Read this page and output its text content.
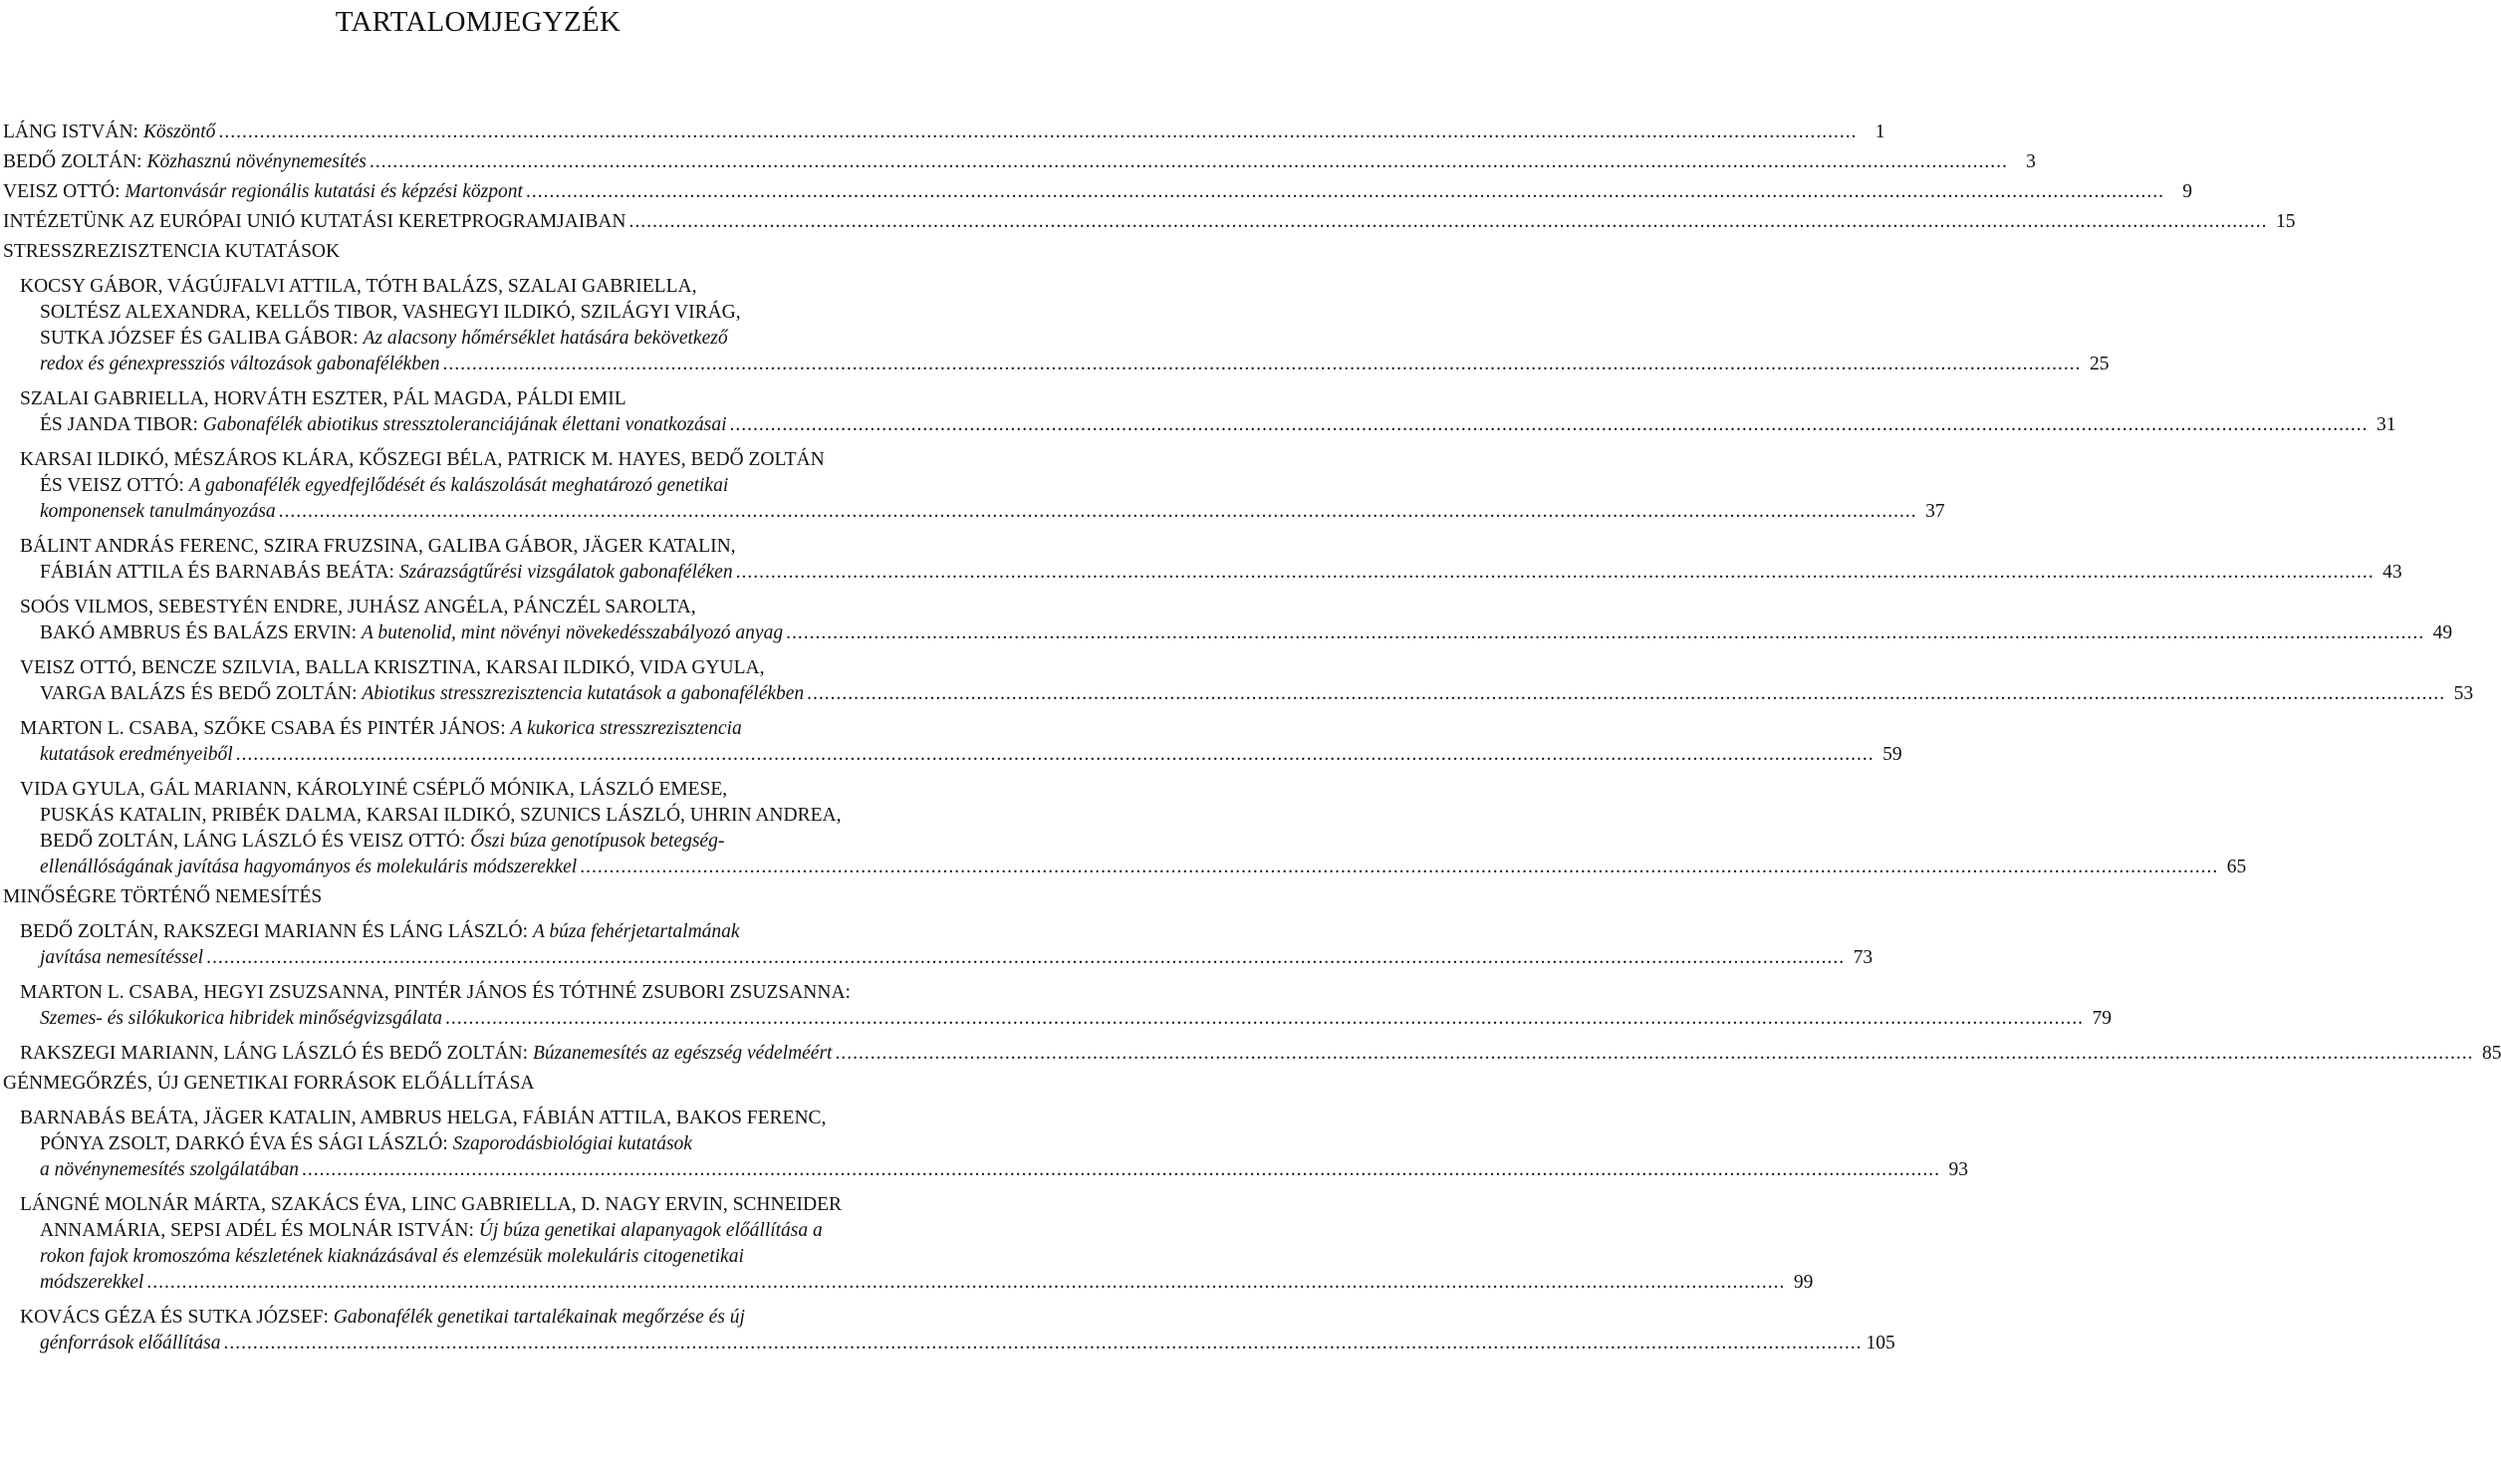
TARTALOMJEGYZÉK
LÁNG ISTVÁN: Köszöntő .....	1
BEDŐ ZOLTÁN: Közhasznú növénynemesítés .....	3
VEISZ OTTÓ: Martonvásár regionális kutatási és képzési központ .....	9
INTÉZETÜNK AZ EURÓPAI UNIÓ KUTATÁSI KERETPROGRAMJAIBAN .....	15
STRESSZREZISZTENCIA KUTATÁSOK
KOCSY GÁBOR, VÁGÚJFALVI ATTILA, TÓTH BALÁZS, SZALAI GABRIELLA,
SOLTÉSZ ALEXANDRA, KELLŐS TIBOR, VASHEGYI ILDIKÓ, SZILÁGYI VIRÁG,
SUTKA JÓZSEF ÉS GALIBA GÁBOR: Az alacsony hőmérséklet hatására bekövetkező
redox és génexpressziós változások gabonafélékben .....	25
SZALAI GABRIELLA, HORVÁTH ESZTER, PÁL MAGDA, PÁLDI EMIL
ÉS JANDA TIBOR: Gabonafélék abiotikus stressztoleranciájának élettani vonatkozásai .....	31
KARSAI ILDIKÓ, MÉSZÁROS KLÁRA, KŐSZEGI BÉLA, PATRICK M. HAYES, BEDŐ ZOLTÁN
ÉS VEISZ OTTÓ: A gabonafélék egyedfejlődését és kalászolását meghatározó genetikai
komponensek tanulmányozása .....	37
BÁLINT ANDRÁS FERENC, SZIRA FRUZSINA, GALIBA GÁBOR, JÄGER KATALIN,
FÁBIÁN ATTILA ÉS BARNABÁS BEÁTA: Szárazságtűrési vizsgálatok gabonaféléken .....	43
SOÓS VILMOS, SEBESTYÉN ENDRE, JUHÁSZ ANGÉLA, PÁNCZÉL SAROLTA,
BAKÓ AMBRUS ÉS BALÁZS ERVIN: A butenolid, mint növényi növekedésszabályozó anyag .....	49
VEISZ OTTÓ, BENCZE SZILVIA, BALLA KRISZTINA, KARSAI ILDIKÓ, VIDA GYULA,
VARGA BALÁZS ÉS BEDŐ ZOLTÁN: Abiotikus stresszrezisztencia kutatások a gabonafélékben .....	53
MARTON L. CSABA, SZŐKE CSABA ÉS PINTÉR JÁNOS: A kukorica stresszrezisztencia
kutatások eredményeiből .....	59
VIDA GYULA, GÁL MARIANN, KÁROLYINÉ CSÉPLŐ MÓNIKA, LÁSZLÓ EMESE,
PUSKÁS KATALIN, PRIBÉK DALMA, KARSAI ILDIKÓ, SZUNICS LÁSZLÓ, UHRIN ANDREA,
BEDŐ ZOLTÁN, LÁNG LÁSZLÓ ÉS VEISZ OTTÓ: Őszi búza genotípusok betegség-
ellenállóságának javítása hagyományos és molekuláris módszerekkel .....	65
MINŐSÉGRE TÖRTÉNŐ NEMESÍTÉS
BEDŐ ZOLTÁN, RAKSZEGI MARIANN ÉS LÁNG LÁSZLÓ: A búza fehérjetartalmának
javítása nemesítéssel .....	73
MARTON L. CSABA, HEGYI ZSUZSANNA, PINTÉR JÁNOS ÉS TÓTHNÉ ZSUBORI ZSUZSANNA:
Szemes- és silókukorica hibridek minőségvizsgálata .....	79
RAKSZEGI MARIANN, LÁNG LÁSZLÓ ÉS BEDŐ ZOLTÁN: Búzanemesítés az egészség védelméért .....	85
GÉNMEGŐRZÉS, ÚJ GENETIKAI FORRÁSOK ELŐÁLLÍTÁSA
BARNABÁS BEÁTA, JÄGER KATALIN, AMBRUS HELGA, FÁBIÁN ATTILA, BAKOS FERENC,
PÓNYA ZSOLT, DARKÓ ÉVA ÉS SÁGI LÁSZLÓ: Szaporodásbiológiai kutatások
a növénynemesítés szolgálatában .....	93
LÁNGNÉ MOLNÁR MÁRTA, SZAKÁCS ÉVA, LINC GABRIELLA, D. NAGY ERVIN, SCHNEIDER
ANNAMÁRIA, SEPSI ADÉL ÉS MOLNÁR ISTVÁN: Új búza genetikai alapanyagok előállítása a
rokon fajok kromoszóma készletének kiaknázásával és elemzésük molekuláris citogenetikai
módszerekkel .....	99
KOVÁCS GÉZA ÉS SUTKA JÓZSEF: Gabonafélék genetikai tartalékainak megőrzése és új
génforrások előállítása .....	105
